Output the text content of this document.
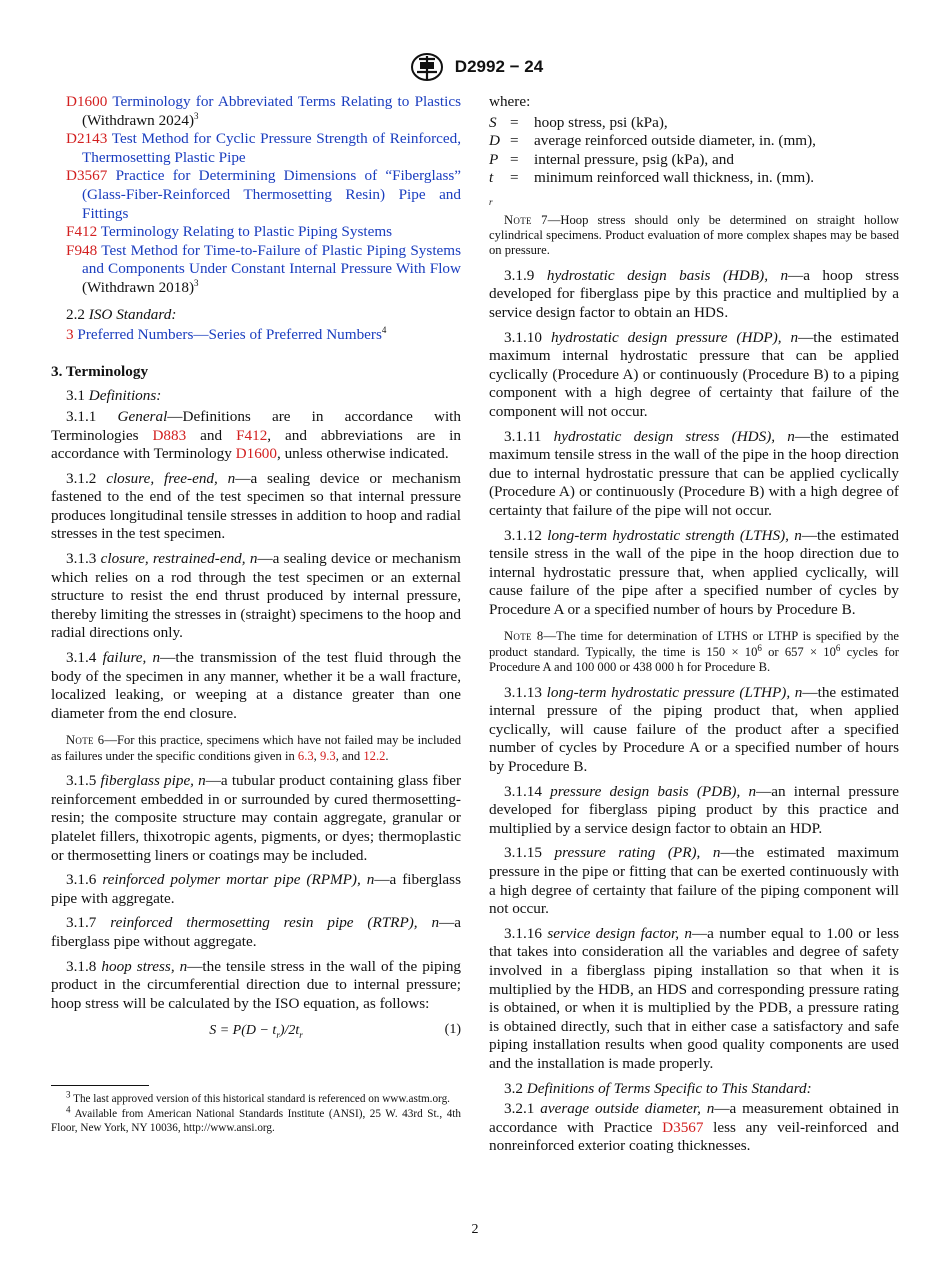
D2992 − 24

D1600 Terminology for Abbreviated Terms Relating to Plastics (Withdrawn 2024)$^3$

D2143 Test Method for Cyclic Pressure Strength of Reinforced, Thermosetting Plastic Pipe

D3567 Practice for Determining Dimensions of “Fiberglass” (Glass-Fiber-Reinforced Thermosetting Resin) Pipe and Fittings

F412 Terminology Relating to Plastic Piping Systems

F948 Test Method for Time-to-Failure of Plastic Piping Systems and Components Under Constant Internal Pressure With Flow (Withdrawn 2018)$^3$

2.2 ISO Standard:

3 Preferred Numbers—Series of Preferred Numbers$^4$

3. Terminology

3.1 Definitions:

3.1.1 General—Definitions are in accordance with Terminologies D883 and F412, and abbreviations are in accordance with Terminology D1600, unless otherwise indicated.

3.1.2 closure, free-end, n—a sealing device or mechanism fastened to the end of the test specimen so that internal pressure produces longitudinal tensile stresses in addition to hoop and radial stresses in the test specimen.

3.1.3 closure, restrained-end, n—a sealing device or mechanism which relies on a rod through the test specimen or an external structure to resist the end thrust produced by internal pressure, thereby limiting the stresses in (straight) specimens to the hoop and radial directions only.

3.1.4 failure, n—the transmission of the test fluid through the body of the specimen in any manner, whether it be a wall fracture, localized leaking, or weeping at a distance greater than one diameter from the end closure.

Note 6—For this practice, specimens which have not failed may be included as failures under the specific conditions given in 6.3, 9.3, and 12.2.

3.1.5 fiberglass pipe, n—a tubular product containing glass fiber reinforcement embedded in or surrounded by cured thermosetting-resin; the composite structure may contain aggregate, granular or platelet fillers, thixotropic agents, pigments, or dyes; thermoplastic or thermosetting liners or coatings may be included.

3.1.6 reinforced polymer mortar pipe (RPMP), n—a fiberglass pipe with aggregate.

3.1.7 reinforced thermosetting resin pipe (RTRP), n—a fiberglass pipe without aggregate.

3.1.8 hoop stress, n—the tensile stress in the wall of the piping product in the circumferential direction due to internal pressure; hoop stress will be calculated by the ISO equation, as follows:

$S = P(D - t_r)/2t_r$	(1)

$^3$ The last approved version of this historical standard is referenced on www.astm.org.

$^4$ Available from American National Standards Institute (ANSI), 25 W. 43rd St., 4th Floor, New York, NY 10036, http://www.ansi.org.

where:

S	=	hoop stress, psi (kPa),
D	=	average reinforced outside diameter, in. (mm),
P	=	internal pressure, psig (kPa), and
$t_r$	=	minimum reinforced wall thickness, in. (mm).

Note 7—Hoop stress should only be determined on straight hollow cylindrical specimens. Product evaluation of more complex shapes may be based on pressure.

3.1.9 hydrostatic design basis (HDB), n—a hoop stress developed for fiberglass pipe by this practice and multiplied by a service design factor to obtain an HDS.

3.1.10 hydrostatic design pressure (HDP), n—the estimated maximum internal hydrostatic pressure that can be applied cyclically (Procedure A) or continuously (Procedure B) to a piping component with a high degree of certainty that failure of the component will not occur.

3.1.11 hydrostatic design stress (HDS), n—the estimated maximum tensile stress in the wall of the pipe in the hoop direction due to internal hydrostatic pressure that can be applied cyclically (Procedure A) or continuously (Procedure B) with a high degree of certainty that failure of the pipe will not occur.

3.1.12 long-term hydrostatic strength (LTHS), n—the estimated tensile stress in the wall of the pipe in the hoop direction due to internal hydrostatic pressure that, when applied cyclically, will cause failure of the pipe after a specified number of cycles by Procedure A or a specified number of hours by Procedure B.

Note 8—The time for determination of LTHS or LTHP is specified by the product standard. Typically, the time is $150 \times 10^6$ or $657 \times 10^6$ cycles for Procedure A and 100 000 or 438 000 h for Procedure B.

3.1.13 long-term hydrostatic pressure (LTHP), n—the estimated internal pressure of the piping product that, when applied cyclically, will cause failure of the product after a specified number of cycles by Procedure A or a specified number of hours by Procedure B.

3.1.14 pressure design basis (PDB), n—an internal pressure developed for fiberglass piping product by this practice and multiplied by a service design factor to obtain an HDP.

3.1.15 pressure rating (PR), n—the estimated maximum pressure in the pipe or fitting that can be exerted continuously with a high degree of certainty that failure of the piping component will not occur.

3.1.16 service design factor, n—a number equal to 1.00 or less that takes into consideration all the variables and degree of safety involved in a fiberglass piping installation so that when it is multiplied by the HDB, an HDS and corresponding pressure rating is obtained, or when it is multiplied by the PDB, a pressure rating is obtained directly, such that in either case a satisfactory and safe piping installation results when good quality components are used and the installation is made properly.

3.2 Definitions of Terms Specific to This Standard:

3.2.1 average outside diameter, n—a measurement obtained in accordance with Practice D3567 less any veil-reinforced and nonreinforced exterior coating thicknesses.

2
